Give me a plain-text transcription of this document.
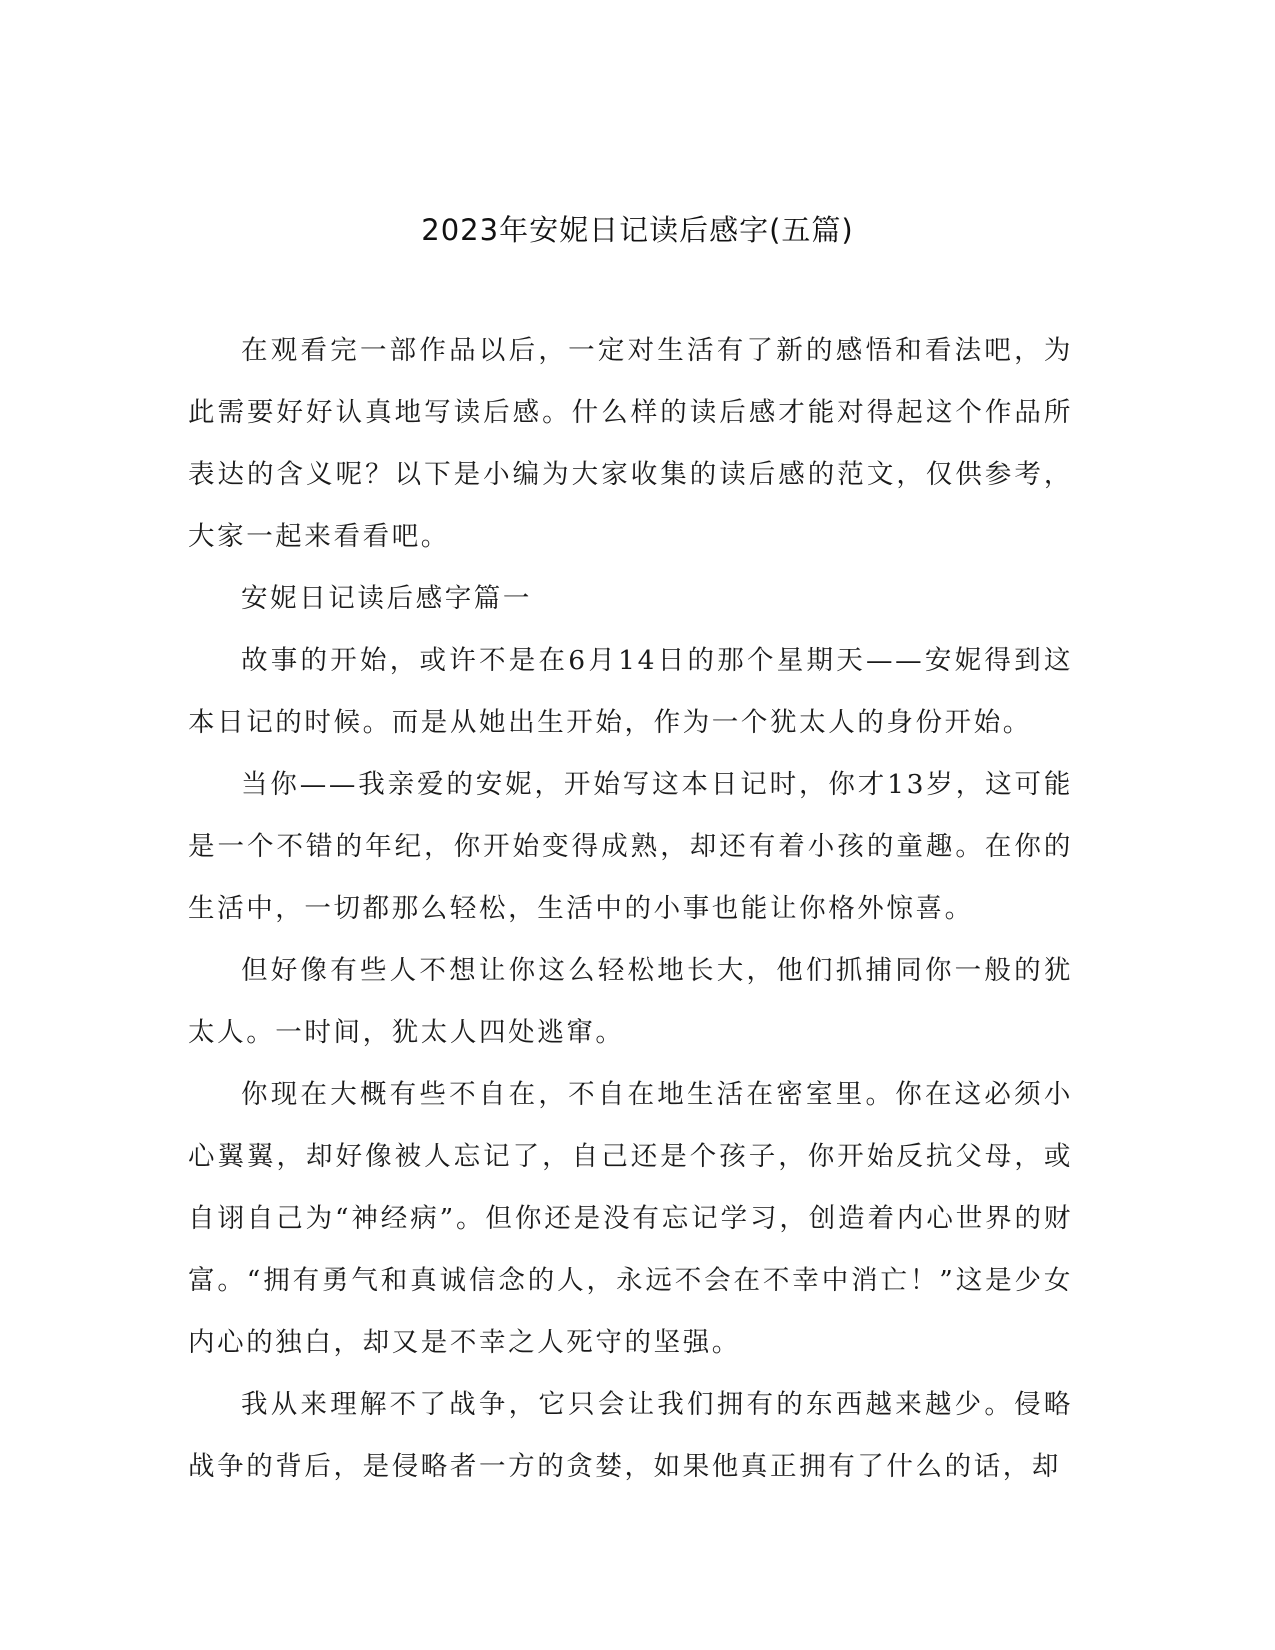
2023年安妮日记读后感字(五篇)

在观看完一部作品以后，一定对生活有了新的感悟和看法吧，为此需要好好认真地写读后感。什么样的读后感才能对得起这个作品所表达的含义呢？以下是小编为大家收集的读后感的范文，仅供参考，大家一起来看看吧。

安妮日记读后感字篇一

故事的开始，或许不是在6月14日的那个星期天——安妮得到这本日记的时候。而是从她出生开始，作为一个犹太人的身份开始。

当你——我亲爱的安妮，开始写这本日记时，你才13岁，这可能是一个不错的年纪，你开始变得成熟，却还有着小孩的童趣。在你的生活中，一切都那么轻松，生活中的小事也能让你格外惊喜。

但好像有些人不想让你这么轻松地长大，他们抓捕同你一般的犹太人。一时间，犹太人四处逃窜。

你现在大概有些不自在，不自在地生活在密室里。你在这必须小心翼翼，却好像被人忘记了，自己还是个孩子，你开始反抗父母，或自诩自己为“神经病”。但你还是没有忘记学习，创造着内心世界的财富。“拥有勇气和真诚信念的人，永远不会在不幸中消亡！”这是少女内心的独白，却又是不幸之人死守的坚强。

我从来理解不了战争，它只会让我们拥有的东西越来越少。侵略战争的背后，是侵略者一方的贪婪，如果他真正拥有了什么的话，却
